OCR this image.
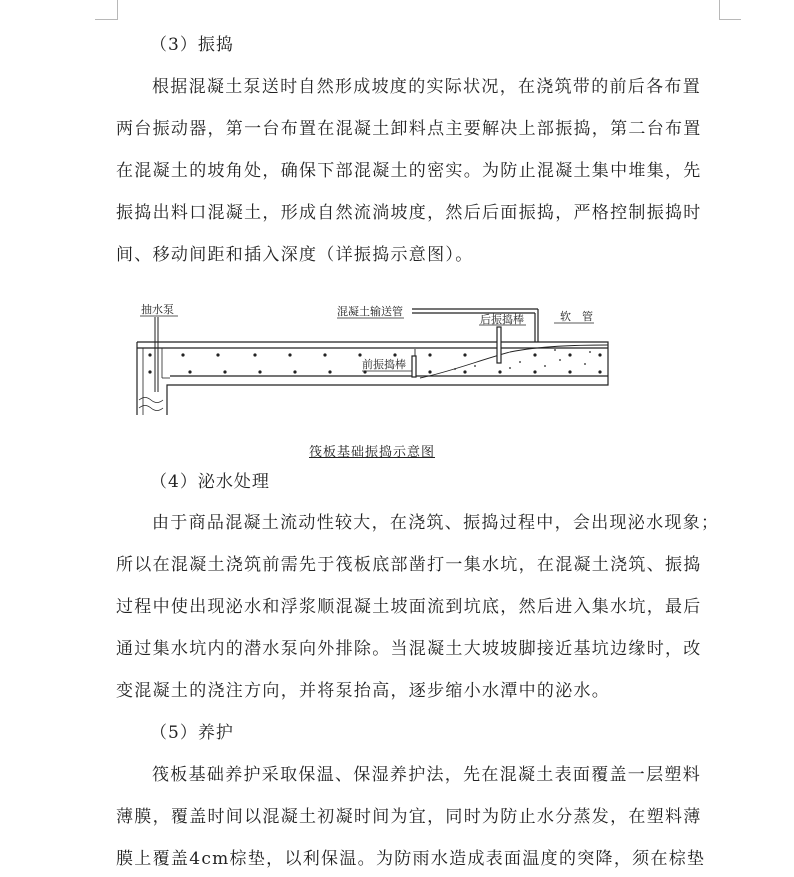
（3）振捣
根据混凝土泵送时自然形成坡度的实际状况，在浇筑带的前后各布置
两台振动器，第一台布置在混凝土卸料点主要解决上部振捣，第二台布置
在混凝土的坡角处，确保下部混凝土的密实。为防止混凝土集中堆集，先
振捣出料口混凝土，形成自然流淌坡度，然后后面振捣，严格控制振捣时
间、移动间距和插入深度（详振捣示意图）。
抽水泵	混凝土输送管
后振捣棒	软　管
前振捣棒
筏板基础振捣示意图
（4）泌水处理
由于商品混凝土流动性较大，在浇筑、振捣过程中，会出现泌水现象；
所以在混凝土浇筑前需先于筏板底部凿打一集水坑，在混凝土浇筑、振捣
过程中使出现泌水和浮浆顺混凝土坡面流到坑底，然后进入集水坑，最后
通过集水坑内的潜水泵向外排除。当混凝土大坡坡脚接近基坑边缘时，改
变混凝土的浇注方向，并将泵抬高，逐步缩小水潭中的泌水。
（5）养护
筏板基础养护采取保温、保湿养护法，先在混凝土表面覆盖一层塑料
薄膜，覆盖时间以混凝土初凝时间为宜，同时为防止水分蒸发，在塑料薄
膜上覆盖4cm棕垫，以利保温。为防雨水造成表面温度的突降，须在棕垫
